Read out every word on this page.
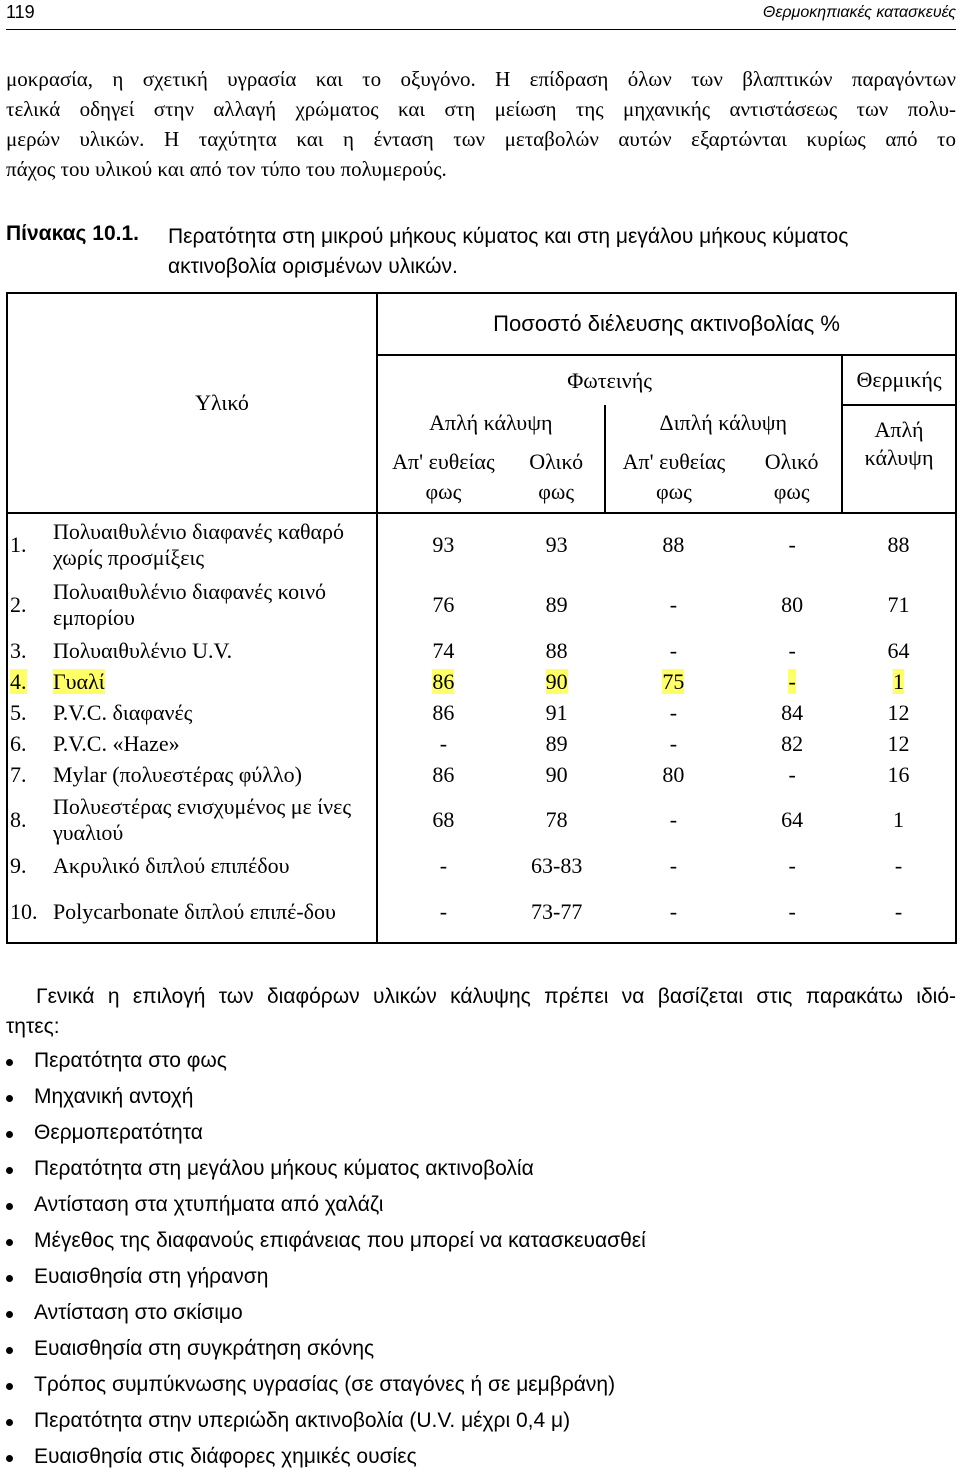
119	Θερμοκηπιακές κατασκευές
μοκρασία, η σχετική υγρασία και το οξυγόνο. Η επίδραση όλων των βλαπτικών παραγόντων
τελικά οδηγεί στην αλλαγή χρώματος και στη μείωση της μηχανικής αντιστάσεως των πολυ-
μερών υλικών. Η ταχύτητα και η ένταση των μεταβολών αυτών εξαρτώνται κυρίως από το
πάχος του υλικού και από τον τύπο του πολυμερούς.
Πίνακας 10.1. Περατότητα στη μικρού μήκους κύματος και στη μεγάλου μήκους κύματος
ακτινοβολία ορισμένων υλικών.
Υλικό		Ποσοστό διέλευσης ακτινοβολίας %				
		Φωτεινής				Θερμικής
		Απλή κάλυψη		Διπλή κάλυψη		Απλή κάλυψη
		Απ' ευθείας φως	Ολικό φως	Απ' ευθείας φως	Ολικό φως	
1.	Πολυαιθυλένιο διαφανές καθαρό χωρίς προσμίξεις	93	93	88	-	88
2.	Πολυαιθυλένιο διαφανές κοινό εμπορίου	76	89	-	80	71
3.	Πολυαιθυλένιο U.V.	74	88	-	-	64
4.	Γυαλί	86	90	75	-	1
5.	P.V.C. διαφανές	86	91	-	84	12
6.	P.V.C. «Haze»	-	89	-	82	12
7.	Mylar (πολυεστέρας φύλλο)	86	90	80	-	16
8.	Πολυεστέρας ενισχυμένος με ίνες γυαλιού	68	78	-	64	1
9.	Ακρυλικό διπλού επιπέδου	-	63-83	-	-	-
10.	Polycarbonate διπλού επιπέ-δου	-	73-77	-	-	-
Γενικά η επιλογή των διαφόρων υλικών κάλυψης πρέπει να βασίζεται στις παρακάτω ιδιό-
τητες:
Περατότητα στο φως
Μηχανική αντοχή
Θερμοπερατότητα
Περατότητα στη μεγάλου μήκους κύματος ακτινοβολία
Αντίσταση στα χτυπήματα από χαλάζι
Μέγεθος της διαφανούς επιφάνειας που μπορεί να κατασκευασθεί
Ευαισθησία στη γήρανση
Αντίσταση στο σκίσιμο
Ευαισθησία στη συγκράτηση σκόνης
Τρόπος συμπύκνωσης υγρασίας (σε σταγόνες ή σε μεμβράνη)
Περατότητα στην υπεριώδη ακτινοβολία (U.V. μέχρι 0,4 μ)
Ευαισθησία στις διάφορες χημικές ουσίες
